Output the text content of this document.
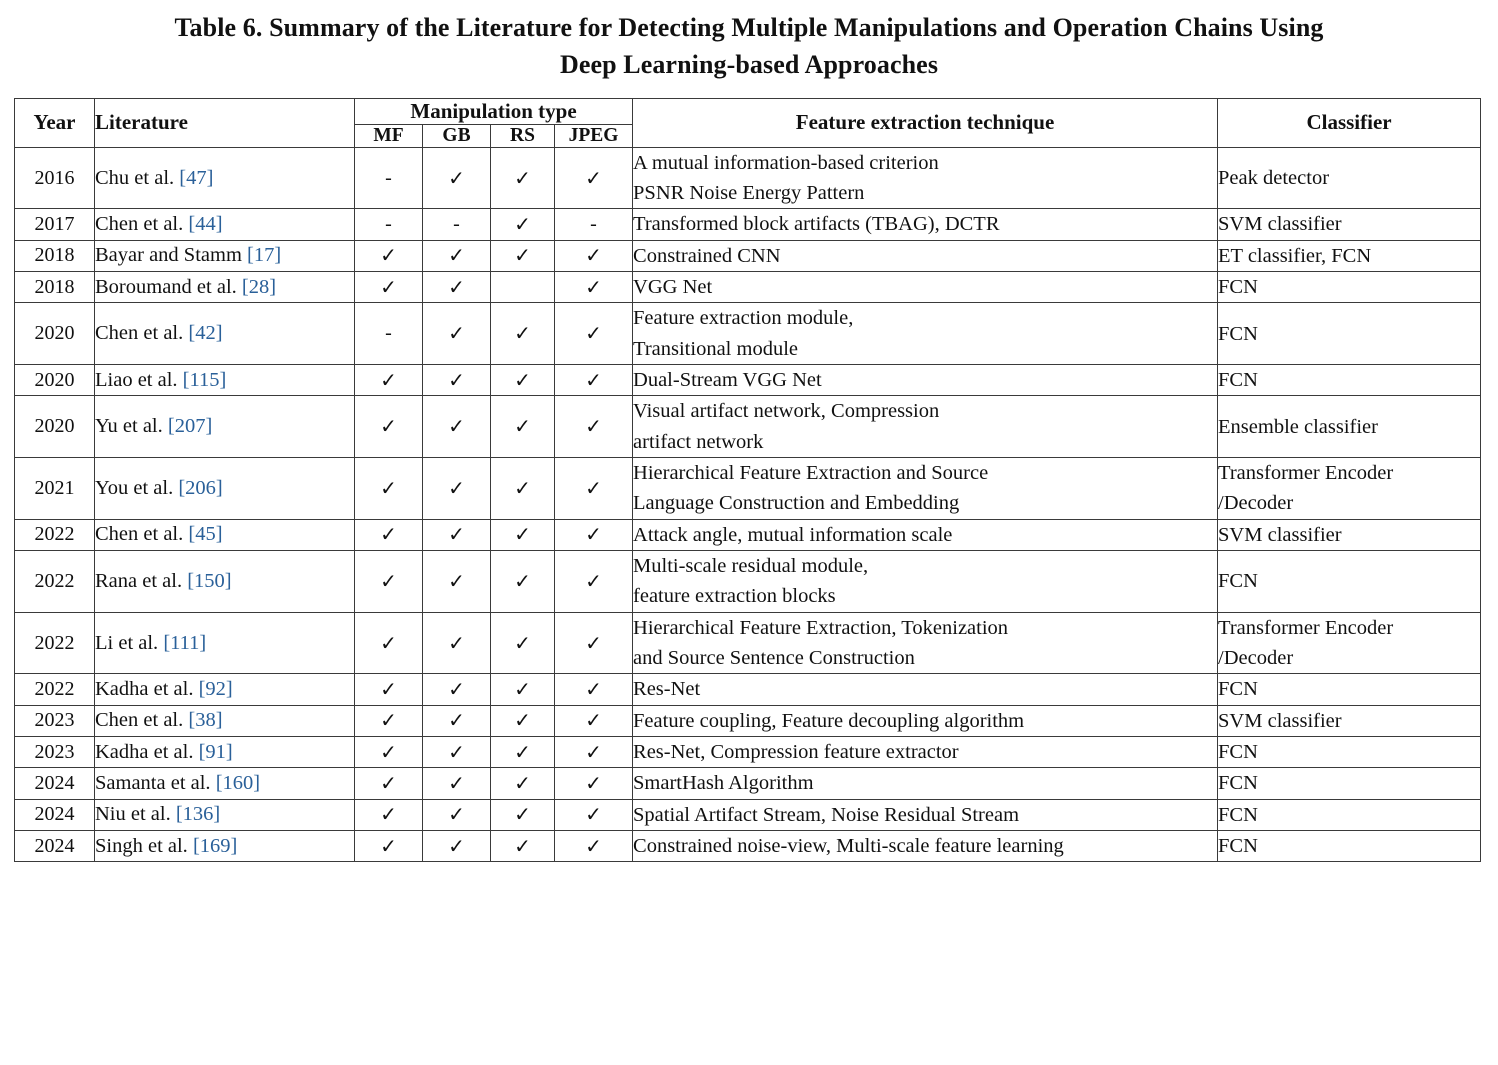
Table 6. Summary of the Literature for Detecting Multiple Manipulations and Operation Chains Using
Deep Learning-based Approaches
Year	Literature	Manipulation type				Feature extraction technique	Classifier
		MF	GB	RS	JPEG		
2016	Chu et al. [47]	-	✓	✓	✓	A mutual information-based criterion
PSNR Noise Energy Pattern	Peak detector

2017	Chen et al. [44]	-	-	✓	-	Transformed block artifacts (TBAG), DCTR	SVM classifier

2018	Bayar and Stamm [17]	✓	✓	✓	✓	Constrained CNN	ET classifier, FCN

2018	Boroumand et al. [28]	✓	✓		✓	VGG Net	FCN

2020	Chen et al. [42]	-	✓	✓	✓	Feature extraction module,
Transitional module	FCN

2020	Liao et al. [115]	✓	✓	✓	✓	Dual-Stream VGG Net	FCN

2020	Yu et al. [207]	✓	✓	✓	✓	Visual artifact network, Compression
artifact network	Ensemble classifier

2021	You et al. [206]	✓	✓	✓	✓	Hierarchical Feature Extraction and Source
Language Construction and Embedding	Transformer Encoder
/Decoder

2022	Chen et al. [45]	✓	✓	✓	✓	Attack angle, mutual information scale	SVM classifier

2022	Rana et al. [150]	✓	✓	✓	✓	Multi-scale residual module,
feature extraction blocks	FCN

2022	Li et al. [111]	✓	✓	✓	✓	Hierarchical Feature Extraction, Tokenization
and Source Sentence Construction	Transformer Encoder
/Decoder

2022	Kadha et al. [92]	✓	✓	✓	✓	Res-Net	FCN

2023	Chen et al. [38]	✓	✓	✓	✓	Feature coupling, Feature decoupling algorithm	SVM classifier

2023	Kadha et al. [91]	✓	✓	✓	✓	Res-Net, Compression feature extractor	FCN

2024	Samanta et al. [160]	✓	✓	✓	✓	SmartHash Algorithm	FCN

2024	Niu et al. [136]	✓	✓	✓	✓	Spatial Artifact Stream, Noise Residual Stream	FCN

2024	Singh et al. [169]	✓	✓	✓	✓	Constrained noise-view, Multi-scale feature learning	FCN
